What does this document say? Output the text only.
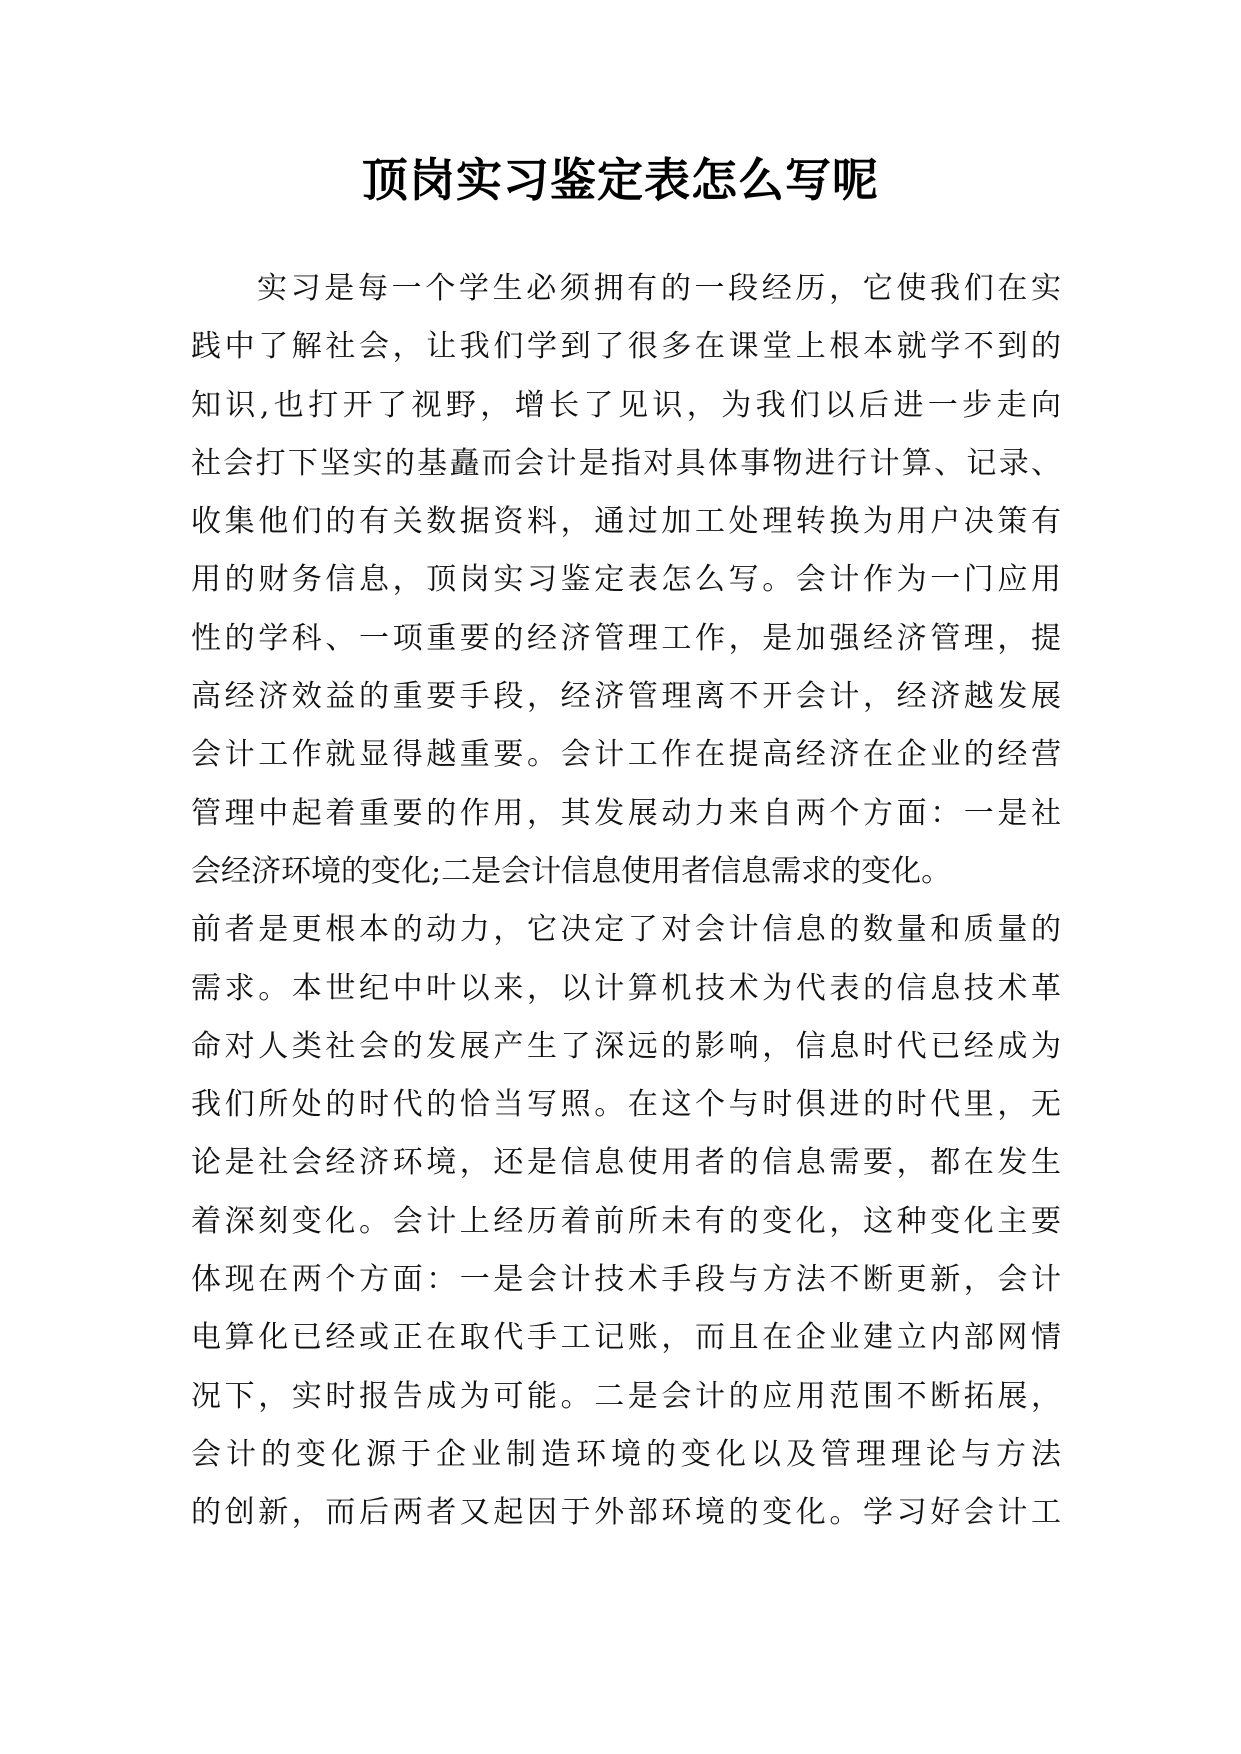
顶岗实习鉴定表怎么写呢
实习是每一个学生必须拥有的一段经历，它使我们在实
践中了解社会，让我们学到了很多在课堂上根本就学不到的
知识,也打开了视野，增长了见识，为我们以后进一步走向
社会打下坚实的基矗而会计是指对具体事物进行计算、记录、
收集他们的有关数据资料，通过加工处理转换为用户决策有
用的财务信息，顶岗实习鉴定表怎么写。会计作为一门应用
性的学科、一项重要的经济管理工作，是加强经济管理，提
高经济效益的重要手段，经济管理离不开会计，经济越发展
会计工作就显得越重要。会计工作在提高经济在企业的经营
管理中起着重要的作用，其发展动力来自两个方面：一是社
会经济环境的变化;二是会计信息使用者信息需求的变化。
前者是更根本的动力，它决定了对会计信息的数量和质量的
需求。本世纪中叶以来，以计算机技术为代表的信息技术革
命对人类社会的发展产生了深远的影响，信息时代已经成为
我们所处的时代的恰当写照。在这个与时俱进的时代里，无
论是社会经济环境，还是信息使用者的信息需要，都在发生
着深刻变化。会计上经历着前所未有的变化，这种变化主要
体现在两个方面：一是会计技术手段与方法不断更新，会计
电算化已经或正在取代手工记账，而且在企业建立内部网情
况下，实时报告成为可能。二是会计的应用范围不断拓展，
会计的变化源于企业制造环境的变化以及管理理论与方法
的创新，而后两者又起因于外部环境的变化。学习好会计工
